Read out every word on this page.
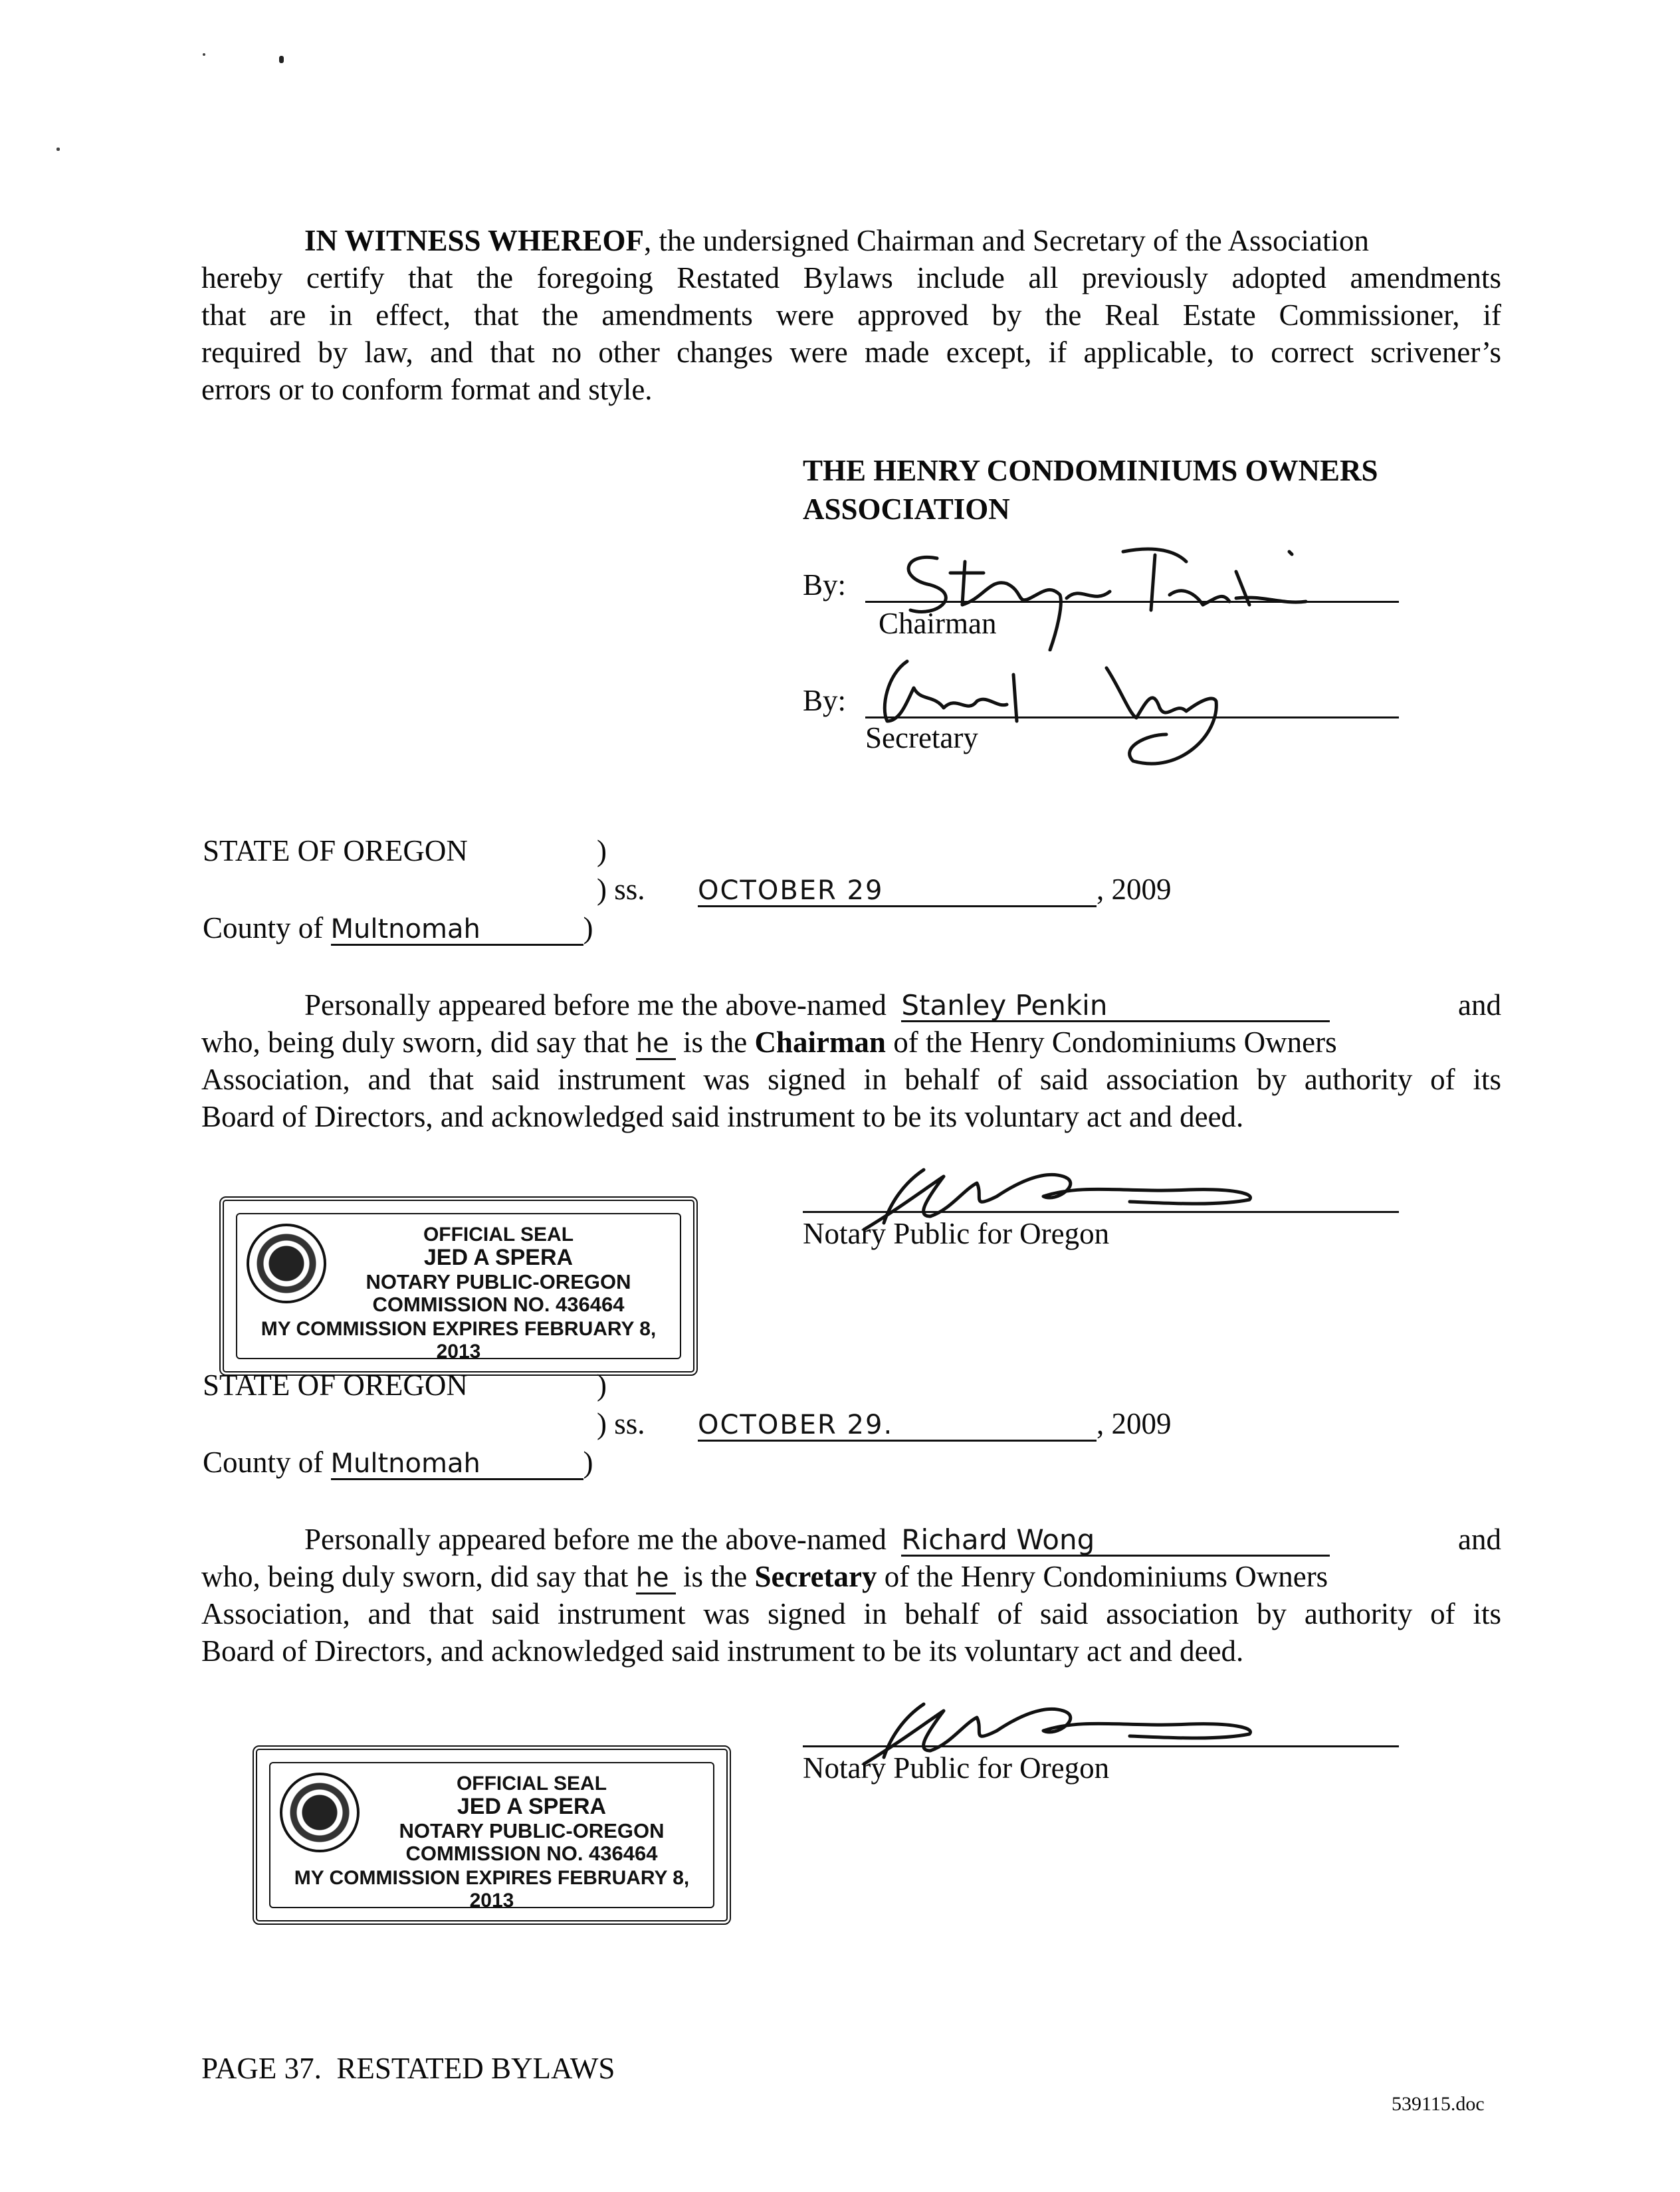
IN WITNESS WHEREOF, the undersigned Chairman and Secretary of the Association
hereby certify that the foregoing Restated Bylaws include all previously adopted amendments
that are in effect, that the amendments were approved by the Real Estate Commissioner, if
required by law, and that no other changes were made except, if applicable, to correct scrivener’s
errors or to conform format and style.
THE HENRY CONDOMINIUMS OWNERS
ASSOCIATION
By:
Chairman
By:
Secretary
STATE OF OREGON	)
) ss. OCTOBER 29	, 2009
County of Multnomah	)
Personally appeared before me the above-named Stanley Penkin	and
who, being duly sworn, did say that he is the Chairman of the Henry Condominiums Owners
Association, and that said instrument was signed in behalf of said association by authority of its
Board of Directors, and acknowledged said instrument to be its voluntary act and deed.
Notary Public for Oregon
OFFICIAL SEAL
JED A SPERA
NOTARY PUBLIC-OREGON
COMMISSION NO. 436464
MY COMMISSION EXPIRES FEBRUARY 8, 2013
STATE OF OREGON	)
) ss. OCTOBER 29.	, 2009
County of Multnomah	)
Personally appeared before me the above-named Richard Wong	and
who, being duly sworn, did say that he is the Secretary of the Henry Condominiums Owners
Association, and that said instrument was signed in behalf of said association by authority of its
Board of Directors, and acknowledged said instrument to be its voluntary act and deed.
Notary Public for Oregon
OFFICIAL SEAL
JED A SPERA
NOTARY PUBLIC-OREGON
COMMISSION NO. 436464
MY COMMISSION EXPIRES FEBRUARY 8, 2013
PAGE 37.  RESTATED BYLAWS
539115.doc
